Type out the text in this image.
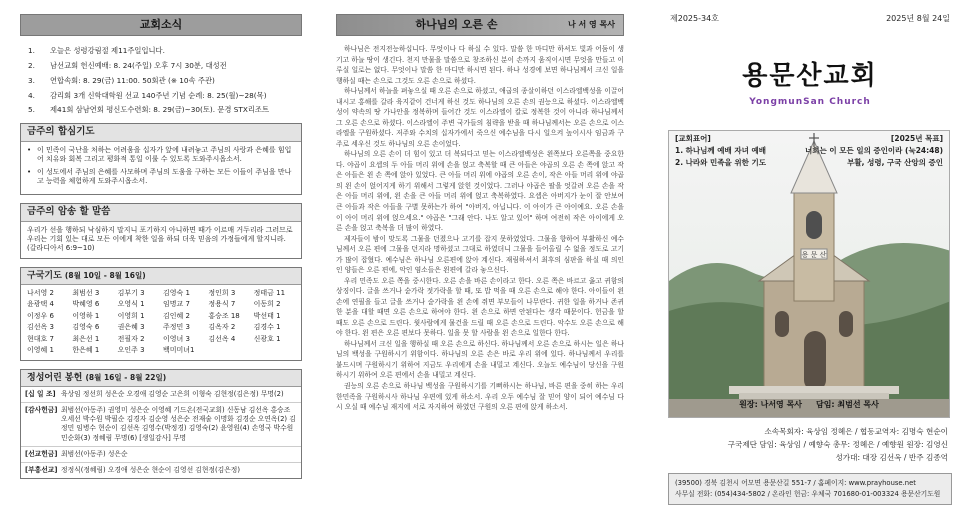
교회소식
1.	오늘은 성령강림절 제11주일입니다.
2.	남선교회 헌신예배: 8. 24(주일) 오후 7시 30분, 대성전
3.	연합속회: 8. 29(금) 11:00. 50회관 (※ 10속 주관)
4.	감리회 3개 신학대학원 선교 140주년 기념 순례: 8. 25(월)~28(목)
5.	제41회 삼남연회 평신도수련회: 8. 29(금)~30(토). 문경 STX리조트
금주의 합심기도
• 이 민족이 국난을 처하는 어려움을 십자가 앞에 내려놓고 주님의 사랑과 은혜를 힘입어 치유와 회복 그리고 평화적 통일 이룰 수 있도록 도와주시옵소서.
• 이 성도에서 주님의 은혜를 사모하며 주님의 도움을 구하는 모든 이들이 주님을 만나고 능력을 체험하게 도와주시옵소서.
금주의 암송 할 말씀
우리가 선을 행하되 낙심하지 말지니 포기하지 아니하면 때가 이르매 거두리라 그러므로 우리는 기회 있는 대로 모든 이에게 착한 일을 하되 더욱 믿음의 가정들에게 할지니라. (갈라디아서 6:9~10)
구국기도 (8월 10일 - 8월 16일)
나서영 2	최범선 3	김부기 3	김영숙 1	정인희 3	정태금 11
윤광택 4	박혜영 6	오영식 1	임명교 7	정용식 7	이동희 2
이정우 6	이영하 1	이영희 1	김인혜 2	홍승조 18	박선태 1
김선옥 3	김영숙 6	권은혜 3	주정민 3	김옥자 2	김경수 1
현대호 7	최은선 1	전필자 2	이영녀 3	김선옥 4	신광호 1
이영혜 1	한은혜 1	오인주 3	백미미녀1
정성어린 봉헌 (8월 16일 - 8월 22일)
[십 일 조] 육상임 정선희 성은순 오경애 김영순 고은희 이형숙 김현정(김은정) 무명(2)
[감사헌금] 최범선(아동주) 권영미 성은순 이영혜 기드온(전국교회) 신동남 김선옥 홍승조 오세선 박수원 박필순 김경자 김순영 성은순 전재술 이명화 김경순 오연옥(2) 김정민 임병수 현순이 김선옥 김영수(박정경) 김영숙(2) 윤영원(4) 손영국 박수원 민순화(3) 정혜림 무명(6) [생일감사] 무명
[선교헌금] 최범선(아동주) 성은순
[부흥선교] 정정식(정혜림) 오경애 성은순 현순이 김영선 김현정(김은정)
하나님의 오른 손	나 서 영 목사

하나님은 전지전능하십니다. 무엇이나 다 하실 수 있다. 말씀 한 마디만 하셔도 빛과 어둠이 생기고 하늘 땅이 생긴다. 천지 만물을 말씀으로 창조하신 분이 손까지 움직이시면 무엇을 만들고 이루실 일로는 없다. 무엇이나 말씀 한 마디만 하시면 된다. 하나 성경에 보면 하나님께서 크신 일을 행하실 때는 손으로 그것도 오른 손으로 하셨다.

하나님께서 하늘을 펴놓으실 때 오른 손으로 하셨고, 애굽의 종살이하던 이스라엘백성을 이끌어내시고 홍해를 갈라 육지같이 건너게 하신 것도 하나님의 오른 손의 권능으로 하셨다. 이스라엘백성이 약속의 땅 가나안을 정복하며 들어간 것도 이스라엘이 칼로 정복한 것이 아니라 하나님께서 그 오른 손으로 하셨다. 이스라엘이 주변 국가들의 침략을 받을 때 하나님께서는 오른 손으로 이스라엘을 구원하셨다. 저주와 수치의 십자가에서 죽으신 예수님을 다시 일으켜 높이시사 임금과 구주로 세우신 것도 하나님의 오른 손이었다.

하나님의 오른 손이 더 힘이 있고 더 복되다고 믿는 이스라엘백성은 왼쪽보다 오른쪽을 중요한다. 야곱이 요셉의 두 아들 머리 위에 손을 얹고 축복할 때 큰 아들은 야곱의 오른 손 쪽에 앉고 작은 아들은 왼 손 쪽에 앉아 있었다. 큰 아들 머리 위에 야곱의 오른 손이, 작은 아들 머리 위에 야곱의 왼 손이 얹어지게 하기 위해서 그렇게 앉힌 것이었다. 그러나 야곱은 팔을 엇갈려 오른 손을 작은 아들 머리 위에, 왼 손을 큰 아들 머리 위에 얹고 축복하였다. 요셉은 아버지가 눈이 잘 안보여 큰 아들과 작은 아들을 구별 못하는가 하여 "아버지, 아닙니다. 이 아이가 큰 아이예요. 오른 손을 이 아이 머리 위에 얹으세요." 야곱은 "그래 안다. 나도 알고 있어" 하며 여전히 작은 아이에게 오른 손을 얹고 축복을 더 많이 하였다.

제자들이 밤이 맞도록 그물을 던졌으나 고기를 잡지 못하였었다. 그물을 향하여 부활하신 예수님께서 오른 편에 그물을 던지라 명하셨고 그대로 하였더니 그물을 들어올릴 수 없을 정도로 고기가 많이 잡혔다. 예수님은 하나님 오른편에 앉아 계신다. 재림하셔서 최후의 심판을 하실 때 의인인 양들은 오른 편에, 악인 염소들은 왼편에 갈라 놓으신다.

우리 민족도 오른 쪽을 중시한다. 오른 손을 바른 손이라고 한다. 오른 쪽은 바르고 옳고 귀함의 상징이다. 글을 쓰거나 숟가락 젓가락을 할 때, 또 밥 먹을 때 오른 손으로 해야 한다. 아이들이 왼 손에 연필을 들고 글을 쓰거나 숟가락을 왼 손에 쥐면 부모들이 나무란다. 귀한 일을 하거나 존귀한 분을 대할 때면 오른 손으로 하여야 한다. 왼 손으로 하면 안된다는 생각 때문이다. 헌금을 할 때도 오른 손으로 드린다. 윗사람에게 물건을 드릴 때 오른 손으로 드린다. 악수도 오른 손으로 해야 한다. 왼 편은 오른 편보다 못하다. 일을 못 할 사람을 왼 손으로 일한다 한다.

하나님께서 크신 일을 행하실 때 오른 손으로 하신다. 하나님께서 오른 손으로 하시는 일은 하나님의 백성을 구원하시기 위함이다. 하나님의 오른 손은 바로 우리 위에 있다. 하나님께서 우리를 붙드시며 구원하시기 위하여 지금도 우리에게 손을 내밀고 계신다. 오늘도 예수님이 당신을 구원하시기 위하여 오른 편에서 손을 내밀고 계신다.

권능의 오른 손으로 하나님 백성을 구원하시기를 기뻐하시는 하나님, 바른 편을 중히 하는 우리 한민족을 구원하시사 하나님 우편에 있게 하소서. 우리 오두 예수님 잘 믿어 양이 되어 예수님 다시 오실 때 예수님 재지에 서로 자지하여 하였던 구원의 오른 편에 앉게 하소서.

제2025-34호	2025년 8월 24일
용문산교회
YongmunSan Church
용 문 산
[교회표어]
1. 하나님께 예배 자녀 예배
2. 나라와 민족을 위한 기도
[2025년 목표]
너희는 이 모든 일의 증인이라 (눅24:48)
부활, 성령, 구국 산앙의 증인
원장: 나서영 목사 담임: 최범선 목사
소속목회자: 육상임 정혜은 / 협동교역자: 김명숙 현순이
구국제단 담임: 육상임 / 예향숙 총무: 정혜은 / 예향원 원장: 김영신
성가대: 대장 김선옥 / 반주 김종억
(39500) 경북 김천시 어모면 용문산길 551-7 / 홈페이지: www.prayhouse.net
사무실 전화: (054)434-5802 / 온라인 헌금: 우체국 701680-01-003324 용문산기도원
